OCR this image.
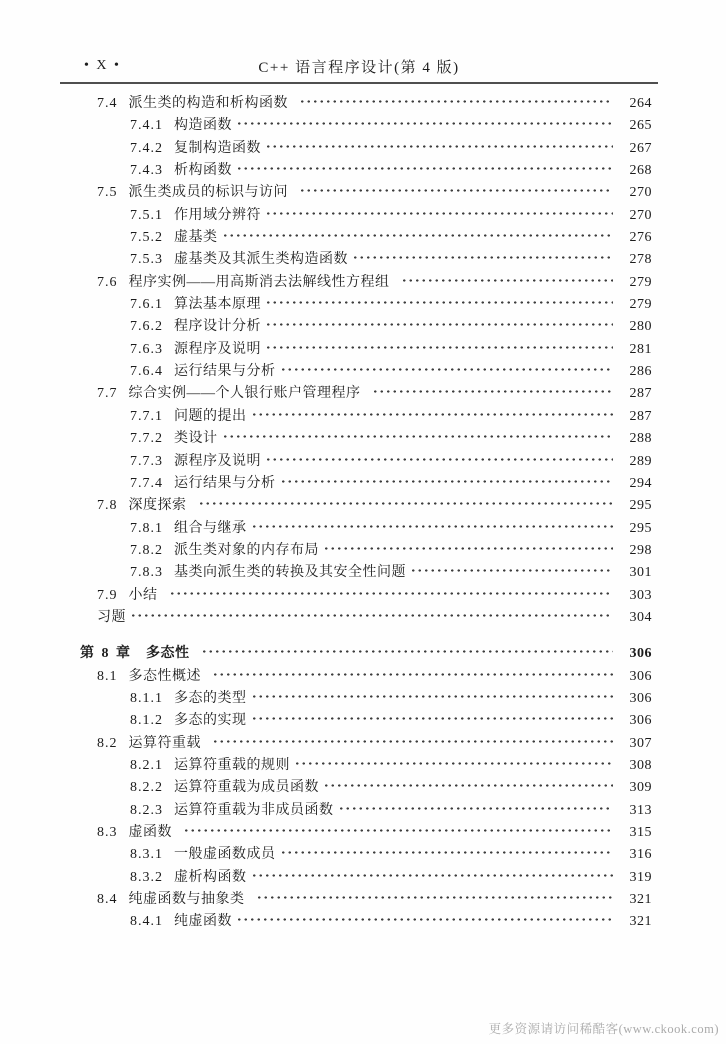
• X •	C++ 语言程序设计(第 4 版)
7.4 派生类的构造和析构函数	264
7.4.1 构造函数	265
7.4.2 复制构造函数	267
7.4.3 析构函数	268
7.5 派生类成员的标识与访问	270
7.5.1 作用域分辨符	270
7.5.2 虚基类	276
7.5.3 虚基类及其派生类构造函数	278
7.6 程序实例——用高斯消去法解线性方程组	279
7.6.1 算法基本原理	279
7.6.2 程序设计分析	280
7.6.3 源程序及说明	281
7.6.4 运行结果与分析	286
7.7 综合实例——个人银行账户管理程序	287
7.7.1 问题的提出	287
7.7.2 类设计	288
7.7.3 源程序及说明	289
7.7.4 运行结果与分析	294
7.8 深度探索	295
7.8.1 组合与继承	295
7.8.2 派生类对象的内存布局	298
7.8.3 基类向派生类的转换及其安全性问题	301
7.9 小结	303
习题	304
第 8 章 多态性	306
8.1 多态性概述	306
8.1.1 多态的类型	306
8.1.2 多态的实现	306
8.2 运算符重载	307
8.2.1 运算符重载的规则	308
8.2.2 运算符重载为成员函数	309
8.2.3 运算符重载为非成员函数	313
8.3 虚函数	315
8.3.1 一般虚函数成员	316
8.3.2 虚析构函数	319
8.4 纯虚函数与抽象类	321
8.4.1 纯虚函数	321
更多资源请访问稀酷客(www.ckook.com)
